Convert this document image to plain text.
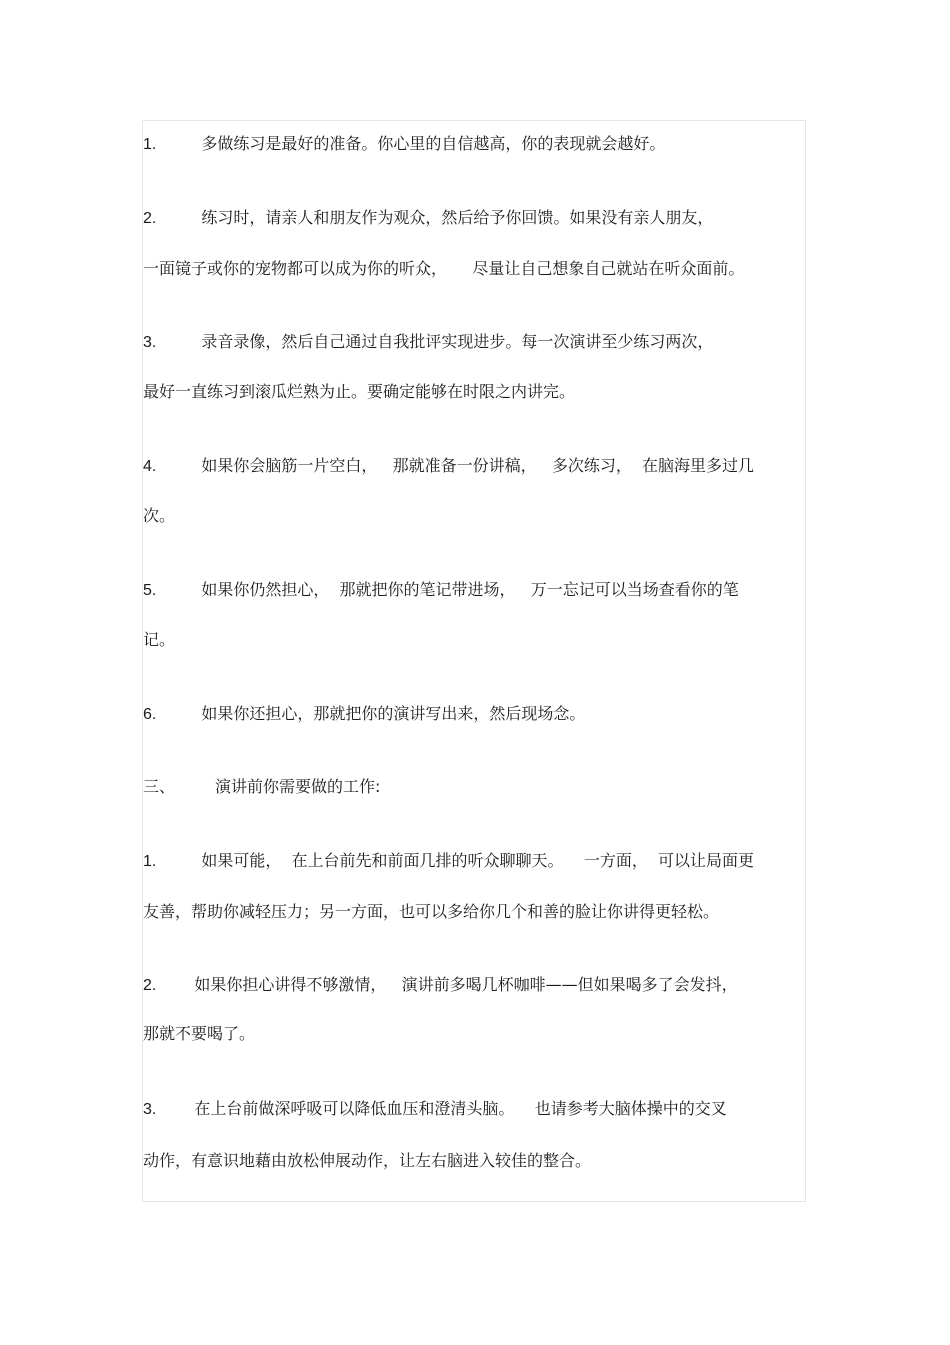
1.	多做练习是最好的准备。你心里的自信越高，你的表现就会越好。
2.	练习时，请亲人和朋友作为观众，然后给予你回馈。如果没有亲人朋友，
一面镜子或你的宠物都可以成为你的听众，     尽量让自己想象自己就站在听众面前。
3.	录音录像，然后自己通过自我批评实现进步。每一次演讲至少练习两次，
最好一直练习到滚瓜烂熟为止。要确定能够在时限之内讲完。
4.	如果你会脑筋一片空白，   那就准备一份讲稿，   多次练习，  在脑海里多过几
次。
5.	如果你仍然担心，  那就把你的笔记带进场，   万一忘记可以当场查看你的笔
记。
6.	如果你还担心，那就把你的演讲写出来，然后现场念。
三、	演讲前你需要做的工作:
1.	如果可能，  在上台前先和前面几排的听众聊聊天。    一方面，  可以让局面更
友善，帮助你减轻压力；另一方面，也可以多给你几个和善的脸让你讲得更轻松。
2. 如果你担心讲得不够激情，   演讲前多喝几杯咖啡——但如果喝多了会发抖，
那就不要喝了。
3. 在上台前做深呼吸可以降低血压和澄清头脑。    也请参考大脑体操中的交叉
动作，有意识地藉由放松伸展动作，让左右脑进入较佳的整合。
